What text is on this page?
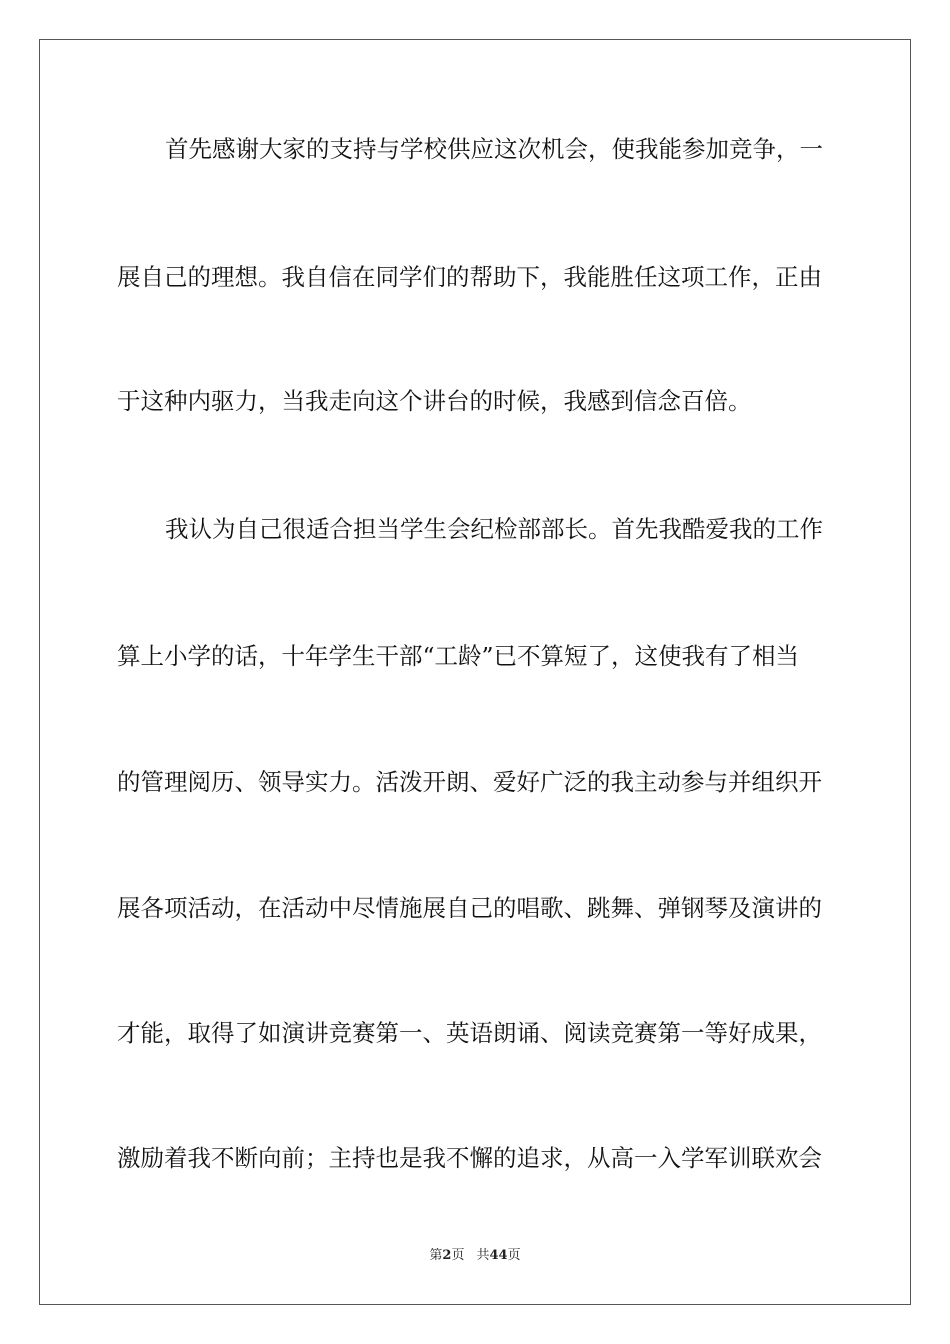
首先感谢大家的支持与学校供应这次机会，使我能参加竞争，一
展自己的理想。我自信在同学们的帮助下，我能胜任这项工作，正由
于这种内驱力，当我走向这个讲台的时候，我感到信念百倍。
我认为自己很适合担当学生会纪检部部长。首先我酷爱我的工作
算上小学的话，十年学生干部“工龄”已不算短了，这使我有了相当
的管理阅历、领导实力。活泼开朗、爱好广泛的我主动参与并组织开
展各项活动，在活动中尽情施展自己的唱歌、跳舞、弹钢琴及演讲的
才能，取得了如演讲竞赛第一、英语朗诵、阅读竞赛第一等好成果，
激励着我不断向前；主持也是我不懈的追求，从高一入学军训联欢会
第2页 共44页
